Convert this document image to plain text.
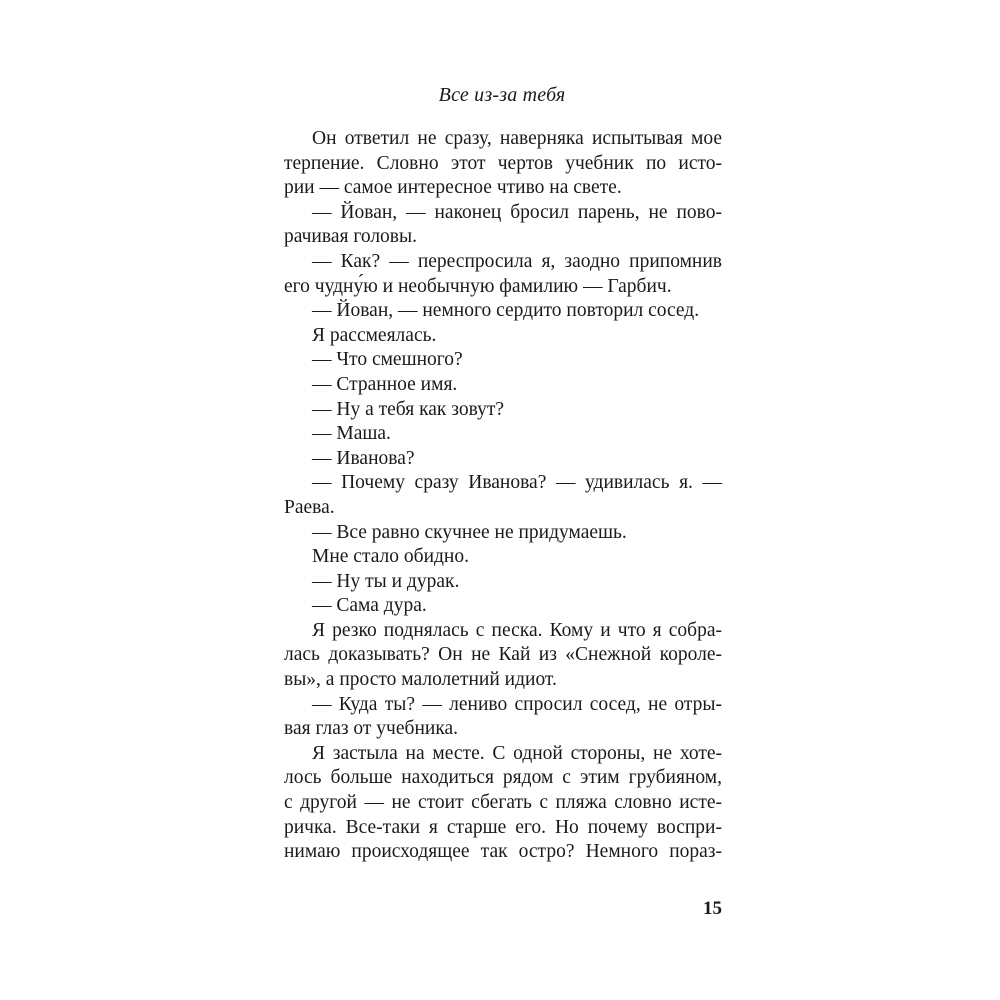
Все из-за тебя
Он ответил не сразу, наверняка испытывая мое
терпение. Словно этот чертов учебник по исто-
рии — самое интересное чтиво на свете.
— Йован, — наконец бросил парень, не пово-
рачивая головы.
— Как? — переспросила я, заодно припомнив
его чудну́ю и необычную фамилию — Гарбич.
— Йован, — немного сердито повторил сосед.
Я рассмеялась.
— Что смешного?
— Странное имя.
— Ну а тебя как зовут?
— Маша.
— Иванова?
— Почему сразу Иванова? — удивилась я. —
Раева.
— Все равно скучнее не придумаешь.
Мне стало обидно.
— Ну ты и дурак.
— Сама дура.
Я резко поднялась с песка. Кому и что я собра-
лась доказывать? Он не Кай из «Снежной короле-
вы», а просто малолетний идиот.
— Куда ты? — лениво спросил сосед, не отры-
вая глаз от учебника.
Я застыла на месте. С одной стороны, не хоте-
лось больше находиться рядом с этим грубияном,
с другой — не стоит сбегать с пляжа словно исте-
ричка. Все-таки я старше его. Но почему воспри-
нимаю происходящее так остро? Немного пораз-
15
